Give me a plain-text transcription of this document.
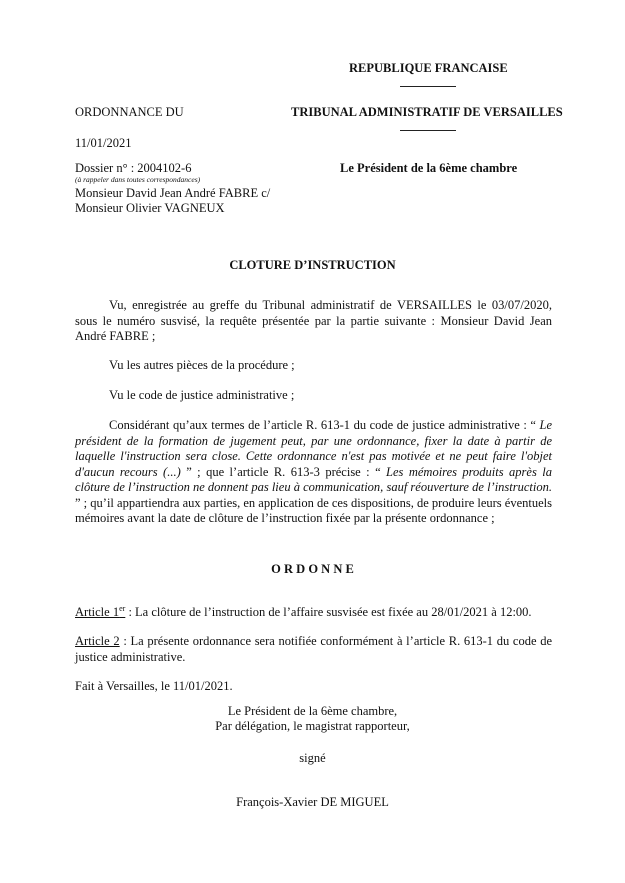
REPUBLIQUE FRANCAISE
ORDONNANCE DU	TRIBUNAL ADMINISTRATIF DE VERSAILLES
11/01/2021
Dossier n° : 2004102-6
(à rappeler dans toutes correspondances)
Le Président de la 6ème chambre
Monsieur David Jean André FABRE c/
Monsieur Olivier VAGNEUX
CLOTURE D’INSTRUCTION
Vu, enregistrée au greffe du Tribunal administratif de VERSAILLES le 03/07/2020, sous le numéro susvisé, la requête présentée par la partie suivante : Monsieur David Jean André FABRE ;
Vu les autres pièces de la procédure ;
Vu le code de justice administrative ;
Considérant qu’aux termes de l’article R. 613-1 du code de justice administrative : “ Le président de la formation de jugement peut, par une ordonnance, fixer la date à partir de laquelle l'instruction sera close. Cette ordonnance n'est pas motivée et ne peut faire l'objet d'aucun recours (...) ” ; que l’article R. 613-3 précise : “ Les mémoires produits après la clôture de l’instruction ne donnent pas lieu à communication, sauf réouverture de l’instruction. ” ; qu’il appartiendra aux parties, en application de ces dispositions, de produire leurs éventuels mémoires avant la date de clôture de l’instruction fixée par la présente ordonnance ;
O R D O N N E
Article 1er : La clôture de l’instruction de l’affaire susvisée est fixée au 28/01/2021 à 12:00.
Article 2 : La présente ordonnance sera notifiée conformément à l’article R. 613-1 du code de justice administrative.
Fait à Versailles, le 11/01/2021.
Le Président de la 6ème chambre,
Par délégation, le magistrat rapporteur,
signé
François-Xavier DE MIGUEL
